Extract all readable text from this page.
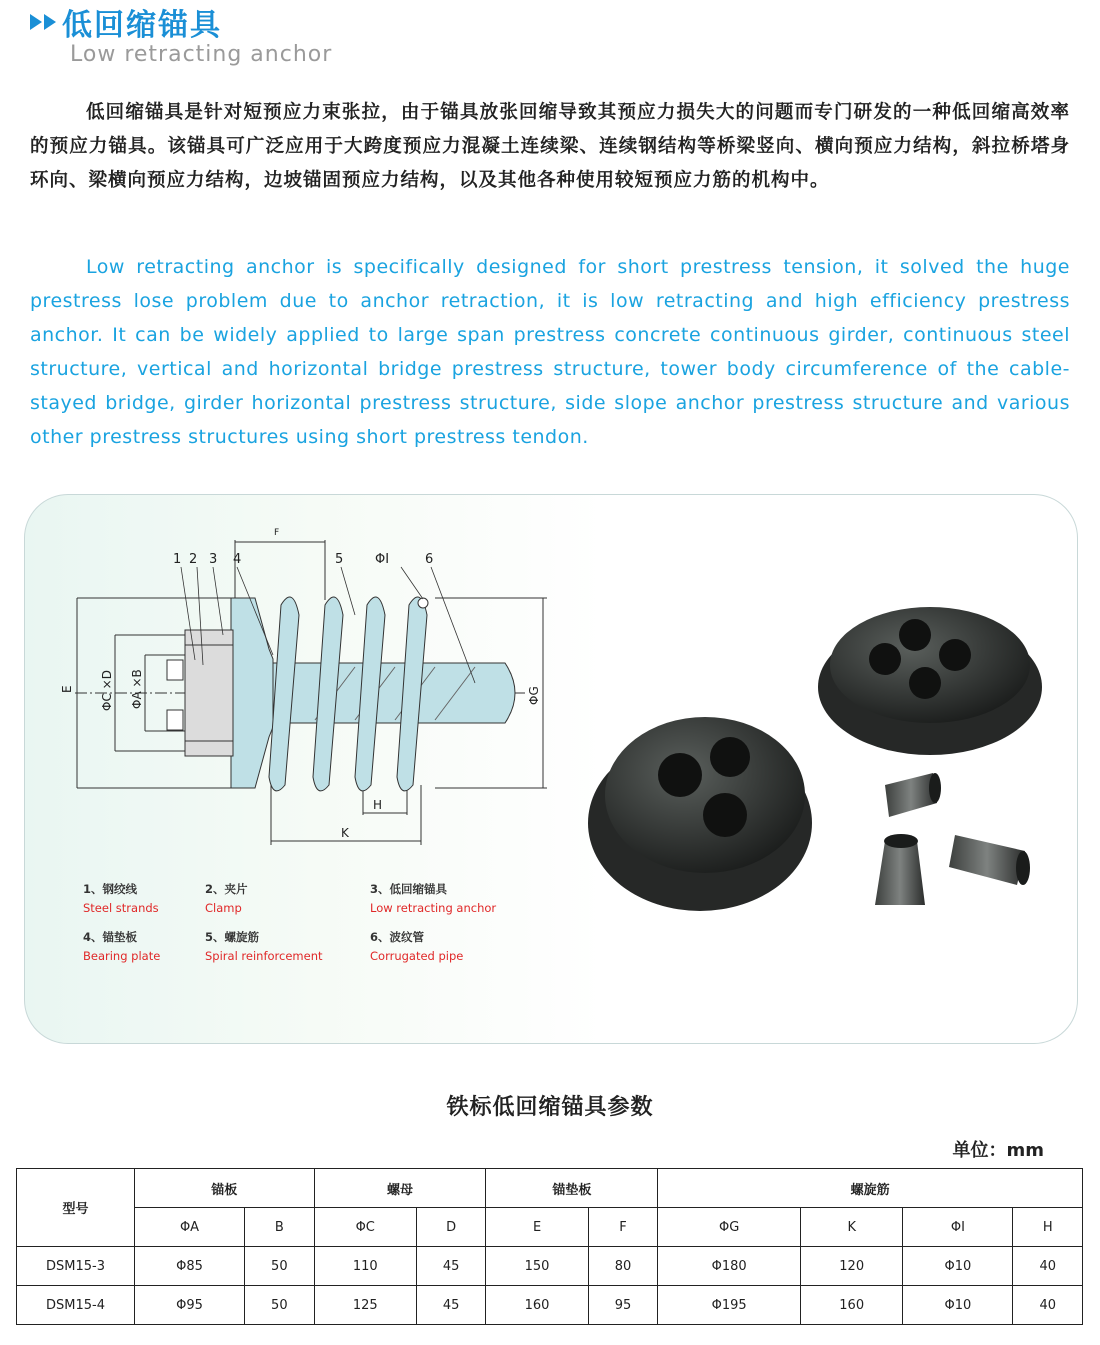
低回缩锚具
Low retracting anchor
低回缩锚具是针对短预应力束张拉，由于锚具放张回缩导致其预应力损失大的问题而专门研发的一种低回缩高效率的预应力锚具。该锚具可广泛应用于大跨度预应力混凝土连续梁、连续钢结构等桥梁竖向、横向预应力结构，斜拉桥塔身环向、梁横向预应力结构，边坡锚固预应力结构，以及其他各种使用较短预应力筋的机构中。
Low retracting anchor is specifically designed for short prestress tension, it solved the huge prestress lose problem due to anchor retraction, it is low retracting and high efficiency prestress anchor. It can be widely applied to large span prestress concrete continuous girder, continuous steel structure, vertical and horizontal bridge prestress structure, tower body circumference of the cable-stayed bridge, girder horizontal prestress structure, side slope anchor prestress structure and various other prestress structures using short prestress tendon.
1 2 3 4	5 ΦI	6
F
H
K
E ΦC ×D ΦA ×B	ΦG
1、钢绞线
Steel strands
2、夹片
Clamp
3、低回缩锚具
Low retracting anchor
4、锚垫板
Bearing plate
5、螺旋筋
Spiral reinforcement
6、波纹管
Corrugated pipe
铁标低回缩锚具参数
单位：mm
型号	锚板		螺母		锚垫板		螺旋筋			
	ΦA	B	ΦC	D	E	F	ΦG	K	ΦI	H
DSM15-3	Φ85	50	110	45	150	80	Φ180	120	Φ10	40
DSM15-4	Φ95	50	125	45	160	95	Φ195	160	Φ10	40
